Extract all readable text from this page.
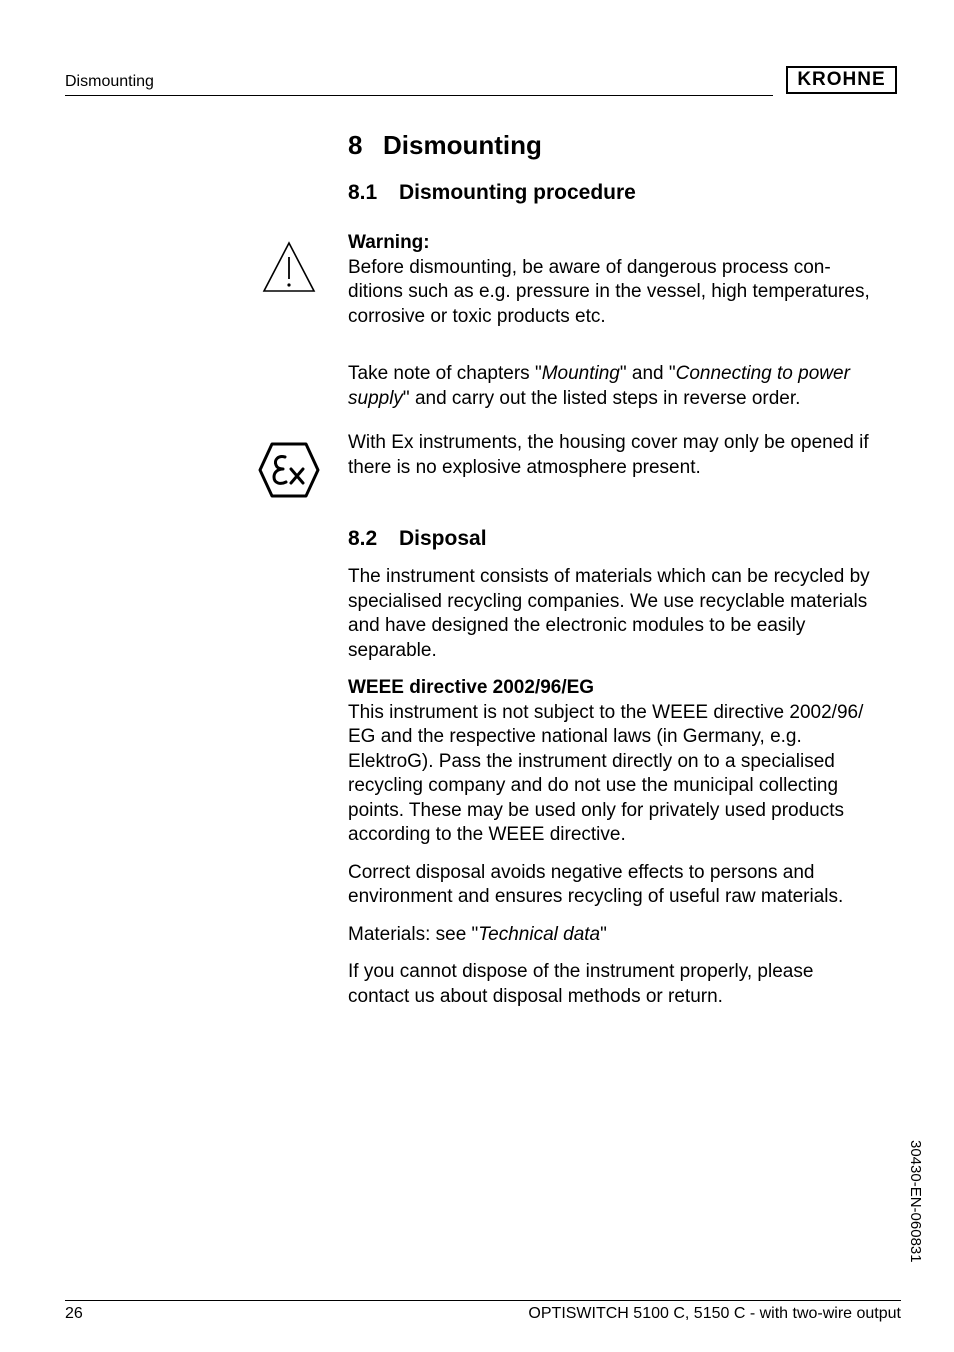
Dismounting	KROHNE
8 Dismounting
8.1 Dismounting procedure

Warning:

Before dismounting, be aware of dangerous process con-

ditions such as e.g. pressure in the vessel, high temperatures,

corrosive or toxic products etc.

Take note of chapters "Mounting" and "Connecting to power

supply" and carry out the listed steps in reverse order.

With Ex instruments, the housing cover may only be opened if

there is no explosive atmosphere present.

8.2 Disposal

The instrument consists of materials which can be recycled by

specialised recycling companies. We use recyclable materials

and have designed the electronic modules to be easily

separable.

WEEE directive 2002/96/EG

This instrument is not subject to the WEEE directive 2002/96/

EG and the respective national laws (in Germany, e.g.

ElektroG). Pass the instrument directly on to a specialised

recycling company and do not use the municipal collecting

points. These may be used only for privately used products

according to the WEEE directive.

Correct disposal avoids negative effects to persons and

environment and ensures recycling of useful raw materials.

Materials: see "Technical data"

If you cannot dispose of the instrument properly, please

contact us about disposal methods or return.

30430-EN-060831
26	OPTISWITCH 5100 C, 5150 C - with two-wire output
